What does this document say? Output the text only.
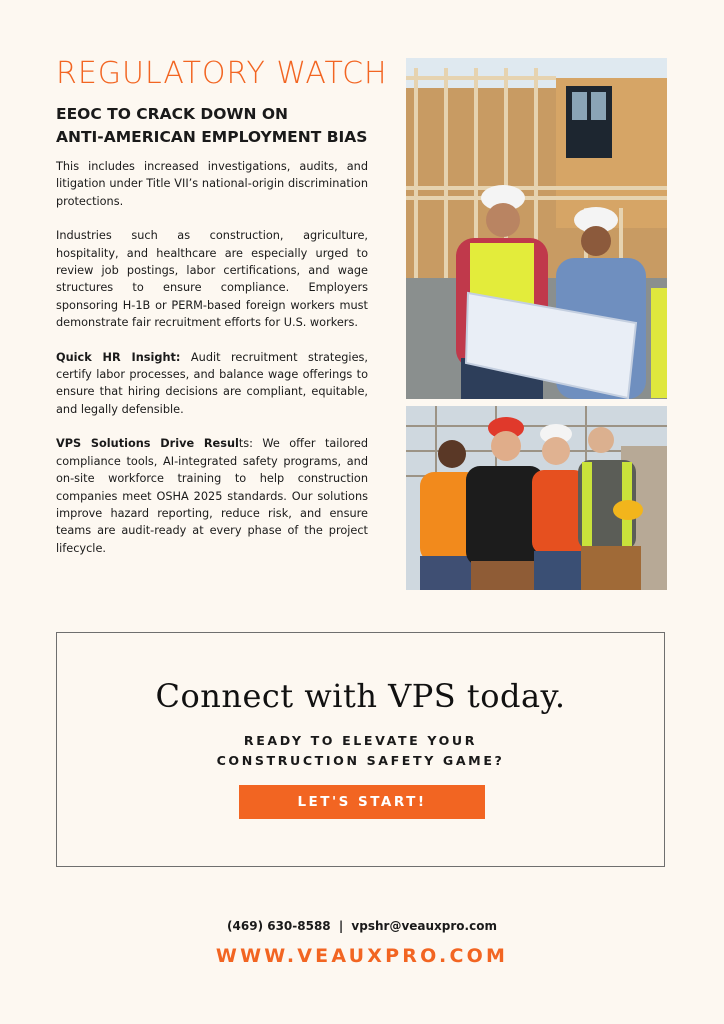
REGULATORY WATCH
EEOC TO CRACK DOWN ON
ANTI-AMERICAN EMPLOYMENT BIAS

This includes increased investigations, audits, and litigation under Title VII’s national-origin discrimination protections.

Industries such as construction, agriculture, hospitality, and healthcare are especially urged to review job postings, labor certifications, and wage structures to ensure compliance. Employers sponsoring H-1B or PERM-based foreign workers must demonstrate fair recruitment efforts for U.S. workers.

Quick HR Insight: Audit recruitment strategies, certify labor processes, and balance wage offerings to ensure that hiring decisions are compliant, equitable, and legally defensible.

VPS Solutions Drive Results: We offer tailored compliance tools, AI-integrated safety programs, and on-site workforce training to help construction companies meet OSHA 2025 standards. Our solutions improve hazard reporting, reduce risk, and ensure teams are audit-ready at every phase of the project lifecycle.

Connect with VPS today.
READY TO ELEVATE YOUR
CONSTRUCTION SAFETY GAME?
LET'S START!
(469) 630-8588 | vpshr@veauxpro.com
WWW.VEAUXPRO.COM
